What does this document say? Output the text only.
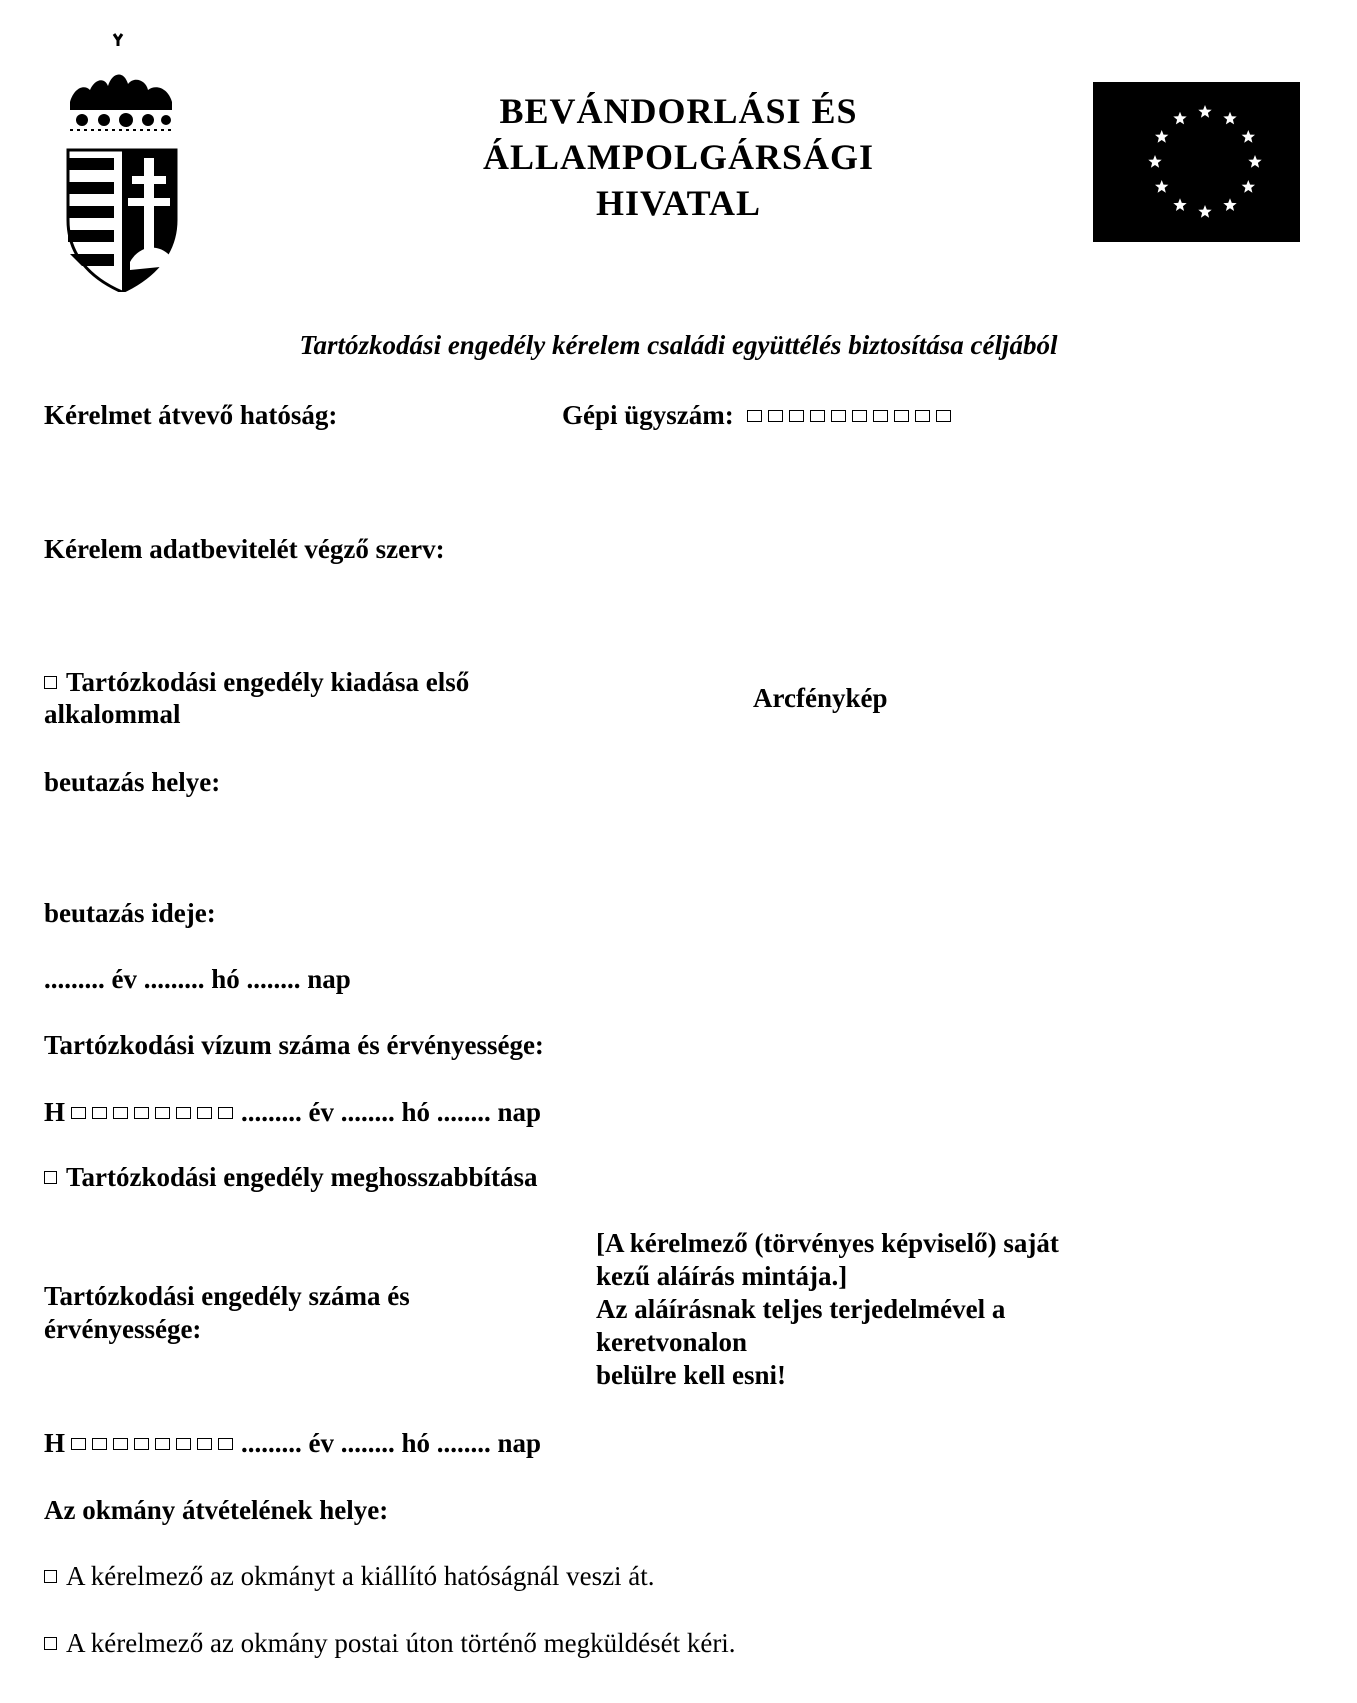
BEVÁNDORLÁSI ÉS
ÁLLAMPOLGÁRSÁGI
HIVATAL
Tartózkodási engedély kérelem családi együttélés biztosítása céljából
Kérelmet átvevő hatóság:	Gépi ügyszám:
Kérelem adatbevitelét végző szerv:
Tartózkodási engedély kiadása első
alkalommal
Arcfénykép
beutazás helye:
beutazás ideje:
......... év ......... hó ........ nap
Tartózkodási vízum száma és érvényessége:
H	......... év ........ hó ........ nap
Tartózkodási engedély meghosszabbítása
Tartózkodási engedély száma és
érvényessége:
[A kérelmező (törvényes képviselő) saját
kezű aláírás mintája.]
Az aláírásnak teljes terjedelmével a
keretvonalon
belülre kell esni!
H	......... év ........ hó ........ nap
Az okmány átvételének helye:
A kérelmező az okmányt a kiállító hatóságnál veszi át.
A kérelmező az okmány postai úton történő megküldését kéri.
